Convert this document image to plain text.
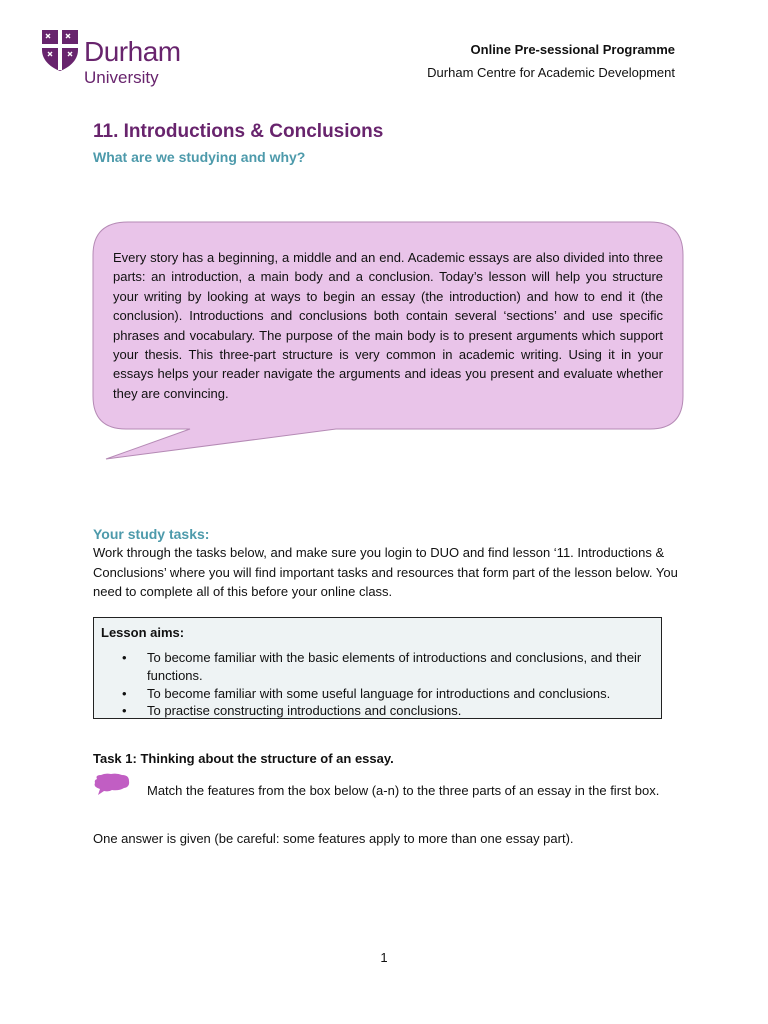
Durham
University
Online Pre-sessional Programme
Durham Centre for Academic Development
11. Introductions & Conclusions
What are we studying and why?

Every story has a beginning, a middle and an end. Academic essays are also divided into three parts: an introduction, a main body and a conclusion. Today’s lesson will help you structure your writing by looking at ways to begin an essay (the introduction) and how to end it (the conclusion). Introductions and conclusions both contain several ‘sections’ and use specific phrases and vocabulary. The purpose of the main body is to present arguments which support your thesis. This three-part structure is very common in academic writing. Using it in your essays helps your reader navigate the arguments and ideas you present and evaluate whether they are convincing.

Your study tasks:

Work through the tasks below, and make sure you login to DUO and find lesson ‘11. Introductions & Conclusions’ where you will find important tasks and resources that form part of the lesson below. You need to complete all of this before your online class.

Lesson aims:
• To become familiar with the basic elements of introductions and conclusions, and their functions.
• To become familiar with some useful language for introductions and conclusions.
• To practise constructing introductions and conclusions.
Task 1: Thinking about the structure of an essay.

Match the features from the box below (a-n) to the three parts of an essay in the first box.

One answer is given (be careful: some features apply to more than one essay part).
1
